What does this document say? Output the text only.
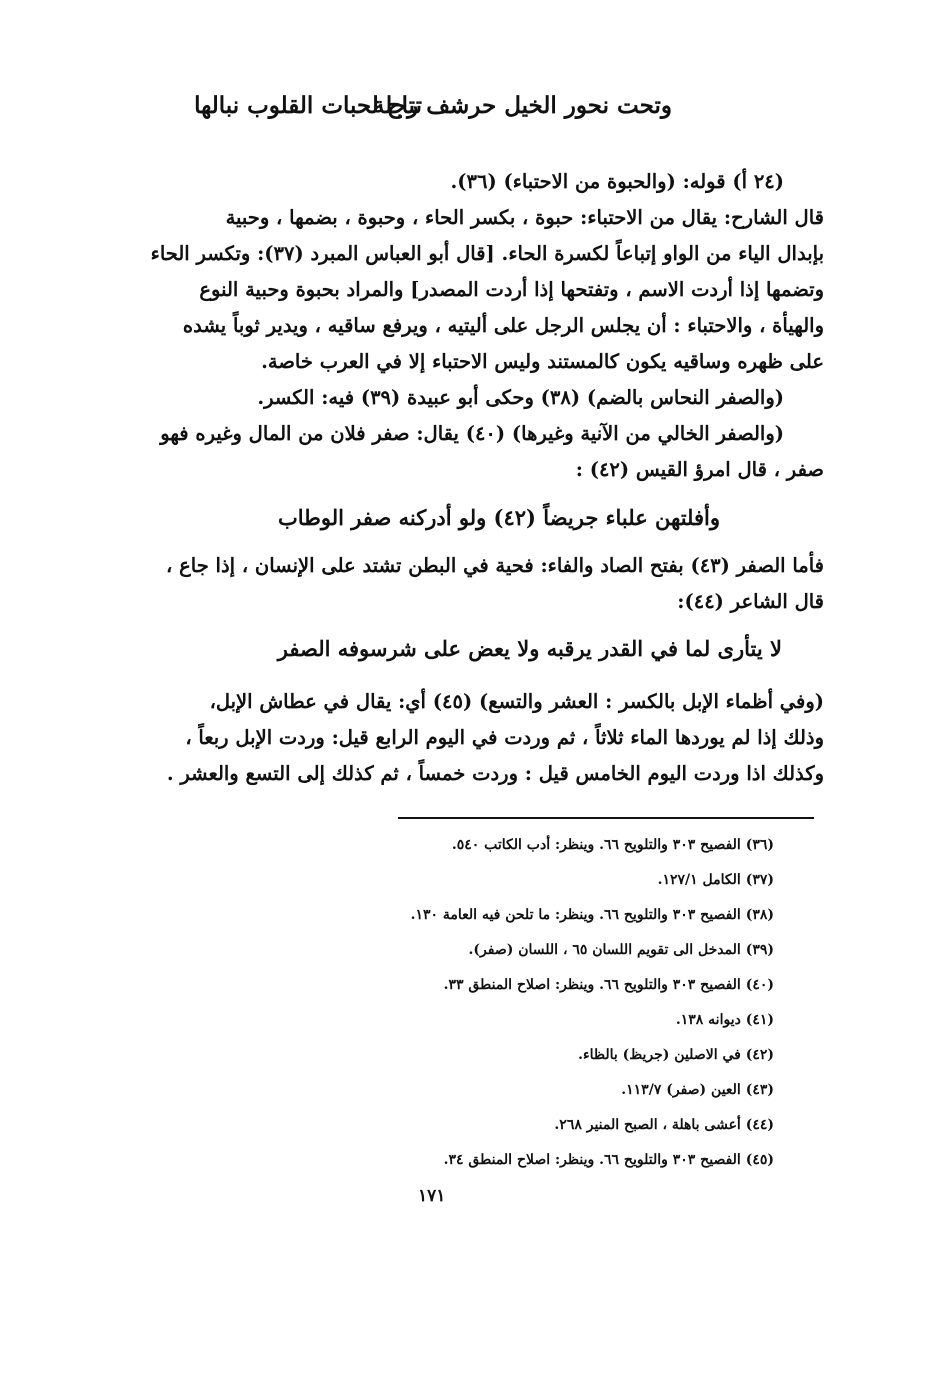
وتحت نحور الخيل حرشف رجلة
تتاح لحبات القلوب نبالها
(٢٤ أ) قوله: (والحبوة من الاحتباء) (٣٦).
قال الشارح: يقال من الاحتباء: حبوة ، بكسر الحاء ، وحبوة ، بضمها ، وحبية
بإبدال الياء من الواو إتباعاً لكسرة الحاء. [قال أبو العباس المبرد (٣٧): وتكسر الحاء
وتضمها إذا أردت الاسم ، وتفتحها إذا أردت المصدر] والمراد بحبوة وحبية النوع
والهيأة ، والاحتباء : أن يجلس الرجل على أليتيه ، ويرفع ساقيه ، ويدير ثوباً يشده
على ظهره وساقيه يكون كالمستند وليس الاحتباء إلا في العرب خاصة.
(والصفر النحاس بالضم) (٣٨) وحكى أبو عبيدة (٣٩) فيه: الكسر.
(والصفر الخالي من الآنية وغيرها) (٤٠) يقال: صفر فلان من المال وغيره فهو
صفر ، قال امرؤ القيس (٤٢) :
وأفلتهن علباء جريضاً (٤٢) ولو أدركنه صفر الوطاب
فأما الصفر (٤٣) بفتح الصاد والفاء: فحية في البطن تشتد على الإنسان ، إذا جاع ،
قال الشاعر (٤٤):
لا يتأرى لما في القدر يرقبه ولا يعض على شرسوفه الصفر
(وفي أظماء الإبل بالكسر : العشر والتسع) (٤٥) أي: يقال في عطاش الإبل،
وذلك إذا لم يوردها الماء ثلاثاً ، ثم وردت في اليوم الرابع قيل: وردت الإبل ربعاً ،
وكذلك اذا وردت اليوم الخامس قيل : وردت خمساً ، ثم كذلك إلى التسع والعشر .
(٣٦) الفصيح ٣٠٣ والتلويح ٦٦. وينظر: أدب الكاتب ٥٤٠.
(٣٧) الكامل ١٢٧/١.
(٣٨) الفصيح ٣٠٣ والتلويح ٦٦. وينظر: ما تلحن فيه العامة ١٣٠.
(٣٩) المدخل الى تقويم اللسان ٦٥ ، اللسان (صفر).
(٤٠) الفصيح ٣٠٣ والتلويح ٦٦. وينظر: اصلاح المنطق ٣٣.
(٤١) ديوانه ١٣٨.
(٤٢) في الاصلين (جريظ) بالظاء.
(٤٣) العين (صفر) ١١٣/٧.
(٤٤) أعشى باهلة ، الصبح المنير ٢٦٨.
(٤٥) الفصيح ٣٠٣ والتلويح ٦٦. وينظر: اصلاح المنطق ٣٤.
١٧١
